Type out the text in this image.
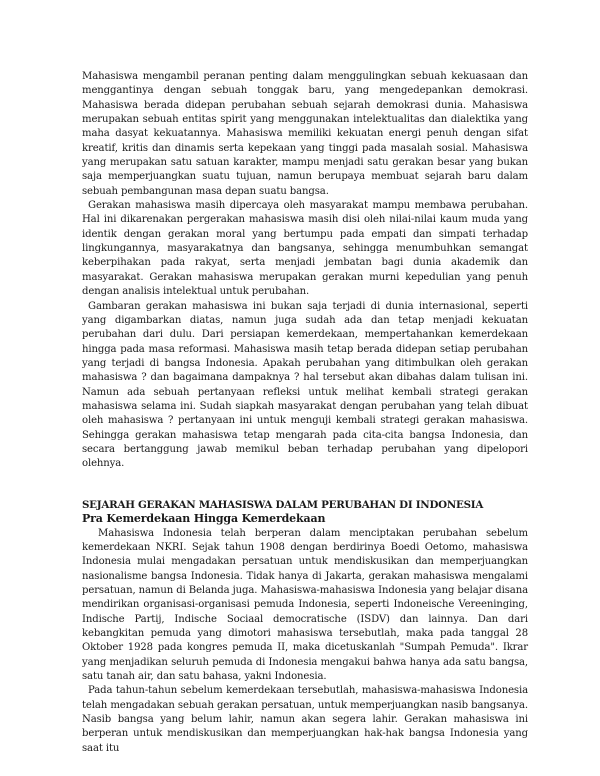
Mahasiswa mengambil peranan penting dalam menggulingkan sebuah kekuasaan dan menggantinya dengan sebuah tonggak baru, yang mengedepankan demokrasi. Mahasiswa berada didepan perubahan sebuah sejarah demokrasi dunia. Mahasiswa merupakan sebuah entitas spirit yang menggunakan intelektualitas dan dialektika yang maha dasyat kekuatannya. Mahasiswa memiliki kekuatan energi penuh dengan sifat kreatif, kritis dan dinamis serta kepekaan yang tinggi pada masalah sosial. Mahasiswa yang merupakan satu satuan karakter, mampu menjadi satu gerakan besar yang bukan saja memperjuangkan suatu tujuan, namun berupaya membuat sejarah baru dalam sebuah pembangunan masa depan suatu bangsa.

Gerakan mahasiswa masih dipercaya oleh masyarakat mampu membawa perubahan. Hal ini dikarenakan pergerakan mahasiswa masih disi oleh nilai-nilai kaum muda yang identik dengan gerakan moral yang bertumpu pada empati dan simpati terhadap lingkungannya, masyarakatnya dan bangsanya, sehingga menumbuhkan semangat keberpihakan pada rakyat, serta menjadi jembatan bagi dunia akademik dan masyarakat. Gerakan mahasiswa merupakan gerakan murni kepedulian yang penuh dengan analisis intelektual untuk perubahan.

Gambaran gerakan mahasiswa ini bukan saja terjadi di dunia internasional, seperti yang digambarkan diatas, namun juga sudah ada dan tetap menjadi kekuatan perubahan dari dulu. Dari persiapan kemerdekaan, mempertahankan kemerdekaan hingga pada masa reformasi. Mahasiswa masih tetap berada didepan setiap perubahan yang terjadi di bangsa Indonesia. Apakah perubahan yang ditimbulkan oleh gerakan mahasiswa ? dan bagaimana dampaknya ? hal tersebut akan dibahas dalam tulisan ini. Namun ada sebuah pertanyaan refleksi untuk melihat kembali strategi gerakan mahasiswa selama ini. Sudah siapkah masyarakat dengan perubahan yang telah dibuat oleh mahasiswa ? pertanyaan ini untuk menguji kembali strategi gerakan mahasiswa. Sehingga gerakan mahasiswa tetap mengarah pada cita-cita bangsa Indonesia, dan secara bertanggung jawab memikul beban terhadap perubahan yang dipelopori olehnya.

SEJARAH GERAKAN MAHASISWA DALAM PERUBAHAN DI INDONESIA
Pra Kemerdekaan Hingga Kemerdekaan

Mahasiswa Indonesia telah berperan dalam menciptakan perubahan sebelum kemerdekaan NKRI. Sejak tahun 1908 dengan berdirinya Boedi Oetomo, mahasiswa Indonesia mulai mengadakan persatuan untuk mendiskusikan dan memperjuangkan nasionalisme bangsa Indonesia. Tidak hanya di Jakarta, gerakan mahasiswa mengalami persatuan, namun di Belanda juga. Mahasiswa-mahasiswa Indonesia yang belajar disana mendirikan organisasi-organisasi pemuda Indonesia, seperti Indoneische Vereeninging, Indische Partij, Indische Sociaal democratische (ISDV) dan lainnya. Dan dari kebangkitan pemuda yang dimotori mahasiswa tersebutlah, maka pada tanggal 28 Oktober 1928 pada kongres pemuda II, maka dicetuskanlah "Sumpah Pemuda". Ikrar yang menjadikan seluruh pemuda di Indonesia mengakui bahwa hanya ada satu bangsa, satu tanah air, dan satu bahasa, yakni Indonesia.

Pada tahun-tahun sebelum kemerdekaan tersebutlah, mahasiswa-mahasiswa Indonesia telah mengadakan sebuah gerakan persatuan, untuk memperjuangkan nasib bangsanya. Nasib bangsa yang belum lahir, namun akan segera lahir. Gerakan mahasiswa ini berperan untuk mendiskusikan dan memperjuangkan hak-hak bangsa Indonesia yang saat itu
